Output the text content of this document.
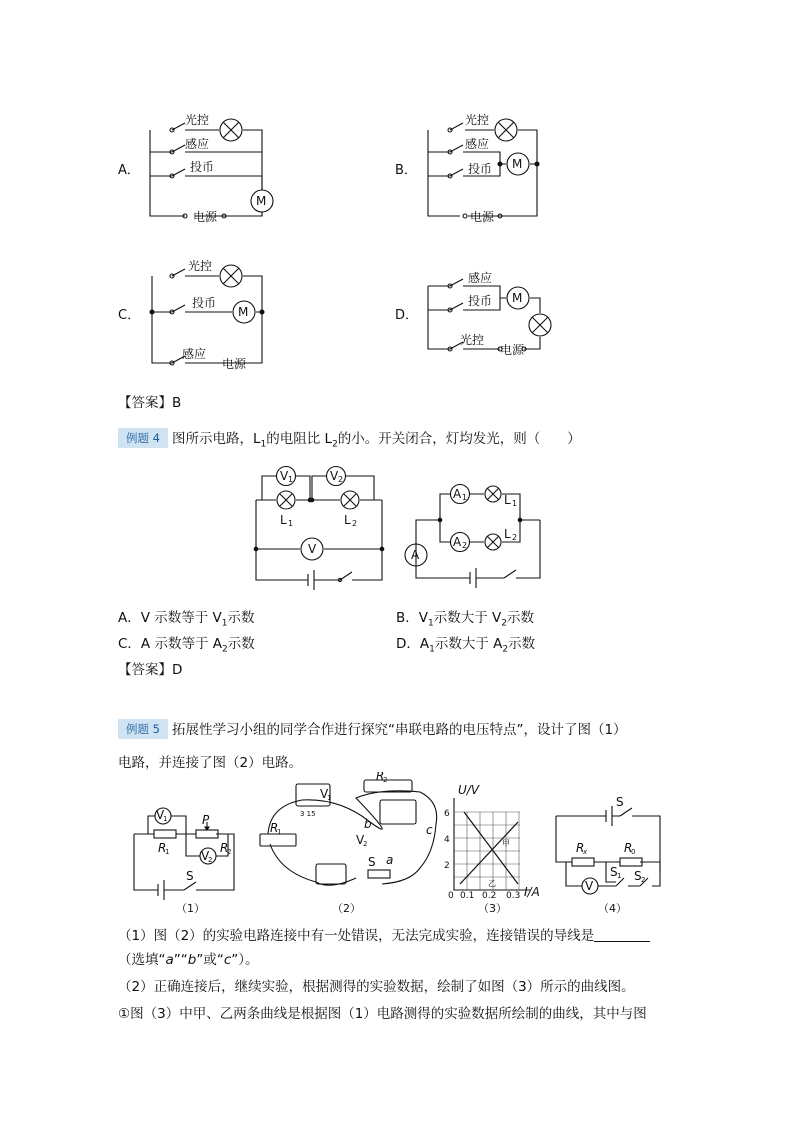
A．
光控
感应
投币
电源
M
B．
光控
感应
投币
电源
M
C．
光控
投币
感应
电源
M	D．
感应
投币
光控
电源
M
【答案】B
例题 4 图所示电路，$L_1$的电阻比 $L_2$的小。开关闭合，灯均发光，则（　　）
V 1	V 2
L 1	L 2
V	A
A 1
A 2
L 1
L 2
A．V 示数等于 $V_1$示数	B．$V_1$示数大于 $V_2$示数
C．A 示数等于 $A_2$示数	D．$A_1$示数大于 $A_2$示数
【答案】D
例题 5 拓展性学习小组的同学合作进行探究“串联电路的电压特点”，设计了图（1）
电路，并连接了图（2）电路。
V
1
V
2
R
1	R
2
P
S
V
1
V
2
R
2
R
1
S a
b	c
3 15
U/V
I/A
6
4
2
0 0.1 0.2 0.3
甲
乙
S
R
x	R
0
V
S 1 S 2
（1）	（2）	（3）	（4）
（1）图（2）的实验电路连接中有一处错误，无法完成实验，连接错误的导线是
（选填“a”“b”或“c”）。
（2）正确连接后，继续实验，根据测得的实验数据，绘制了如图（3）所示的曲线图。
①图（3）中甲、乙两条曲线是根据图（1）电路测得的实验数据所绘制的曲线，其中与图
